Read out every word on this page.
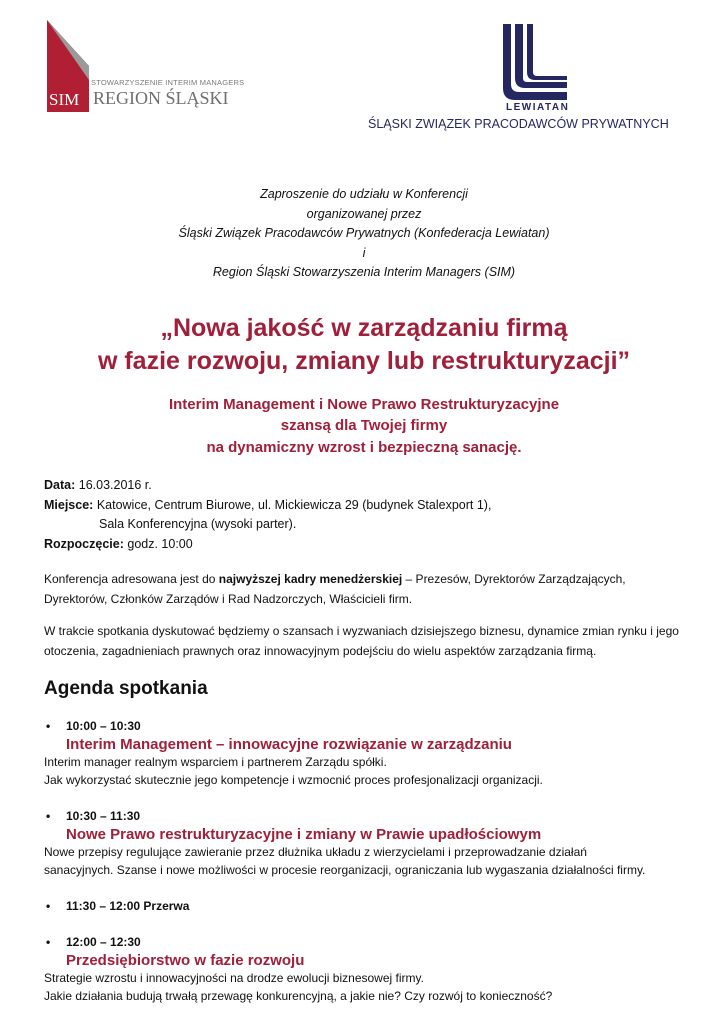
STOWARZYSZENIE INTERIM MANAGERS
SIM REGION ŚLĄSKI	LEWIATAN
ŚLĄSKI ZWIĄZEK PRACODAWCÓW PRYWATNYCH
Zaproszenie do udziału w Konferencji
organizowanej przez
Śląski Związek Pracodawców Prywatnych (Konfederacja Lewiatan)
i
Region Śląski Stowarzyszenia Interim Managers (SIM)
„Nowa jakość w zarządzaniu firmą
w fazie rozwoju, zmiany lub restrukturyzacji”
Interim Management i Nowe Prawo Restrukturyzacyjne
szansą dla Twojej firmy
na dynamiczny wzrost i bezpieczną sanację.
Data: 16.03.2016 r.
Miejsce: Katowice, Centrum Biurowe, ul. Mickiewicza 29 (budynek Stalexport 1),
Sala Konferencyjna (wysoki parter).
Rozpoczęcie: godz. 10:00
Konferencja adresowana jest do najwyższej kadry menedżerskiej – Prezesów, Dyrektorów Zarządzających, Dyrektorów, Członków Zarządów i Rad Nadzorczych, Właścicieli firm.
W trakcie spotkania dyskutować będziemy o szansach i wyzwaniach dzisiejszego biznesu, dynamice zmian rynku i jego otoczenia, zagadnieniach prawnych oraz innowacyjnym podejściu do wielu aspektów zarządzania firmą.
Agenda spotkania
• 10:00 – 10:30
Interim Management – innowacyjne rozwiązanie w zarządzaniu
Interim manager realnym wsparciem i partnerem Zarządu spółki.
Jak wykorzystać skutecznie jego kompetencje i wzmocnić proces profesjonalizacji organizacji.
• 10:30 – 11:30
Nowe Prawo restrukturyzacyjne i zmiany w Prawie upadłościowym
Nowe przepisy regulujące zawieranie przez dłużnika układu z wierzycielami i przeprowadzanie działań
sanacyjnych. Szanse i nowe możliwości w procesie reorganizacji, ograniczania lub wygaszania działalności firmy.
• 11:30 – 12:00 Przerwa
• 12:00 – 12:30
Przedsiębiorstwo w fazie rozwoju
Strategie wzrostu i innowacyjności na drodze ewolucji biznesowej firmy.
Jakie działania budują trwałą przewagę konkurencyjną, a jakie nie? Czy rozwój to konieczność?
